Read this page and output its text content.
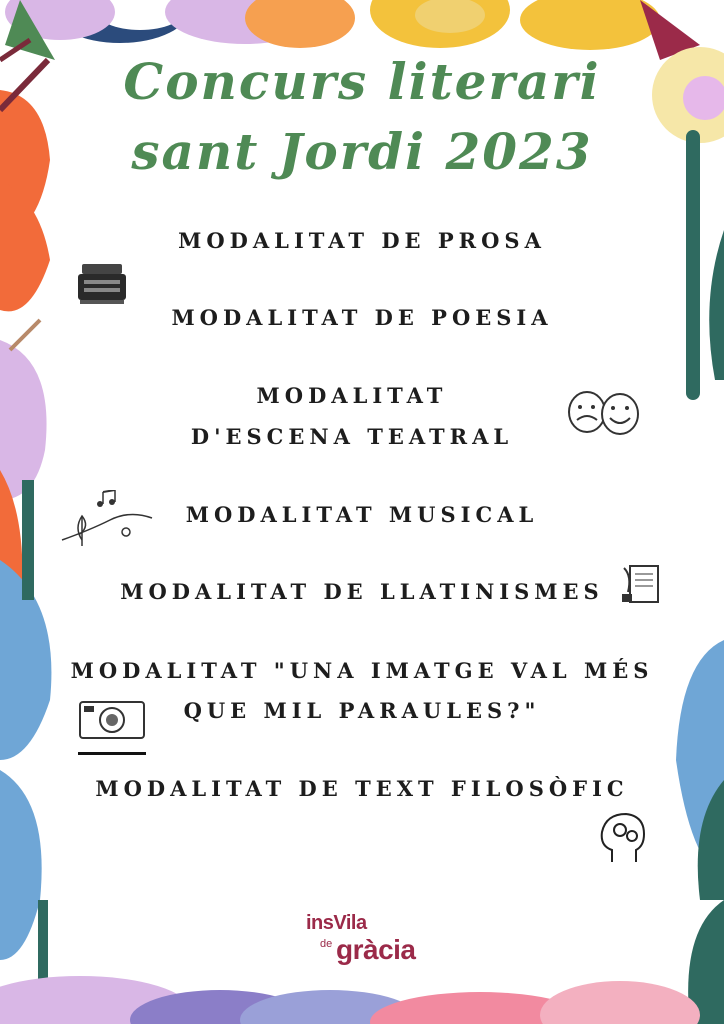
Concurs literari
sant Jordi 2023
MODALITAT DE PROSA
MODALITAT DE POESIA
MODALITAT
D'ESCENA TEATRAL
MODALITAT MUSICAL
MODALITAT DE LLATINISMES
MODALITAT "UNA IMATGE VAL MÉS
QUE MIL PARAULES?"
MODALITAT DE TEXT FILOSÒFIC
insVila
de gràcia
